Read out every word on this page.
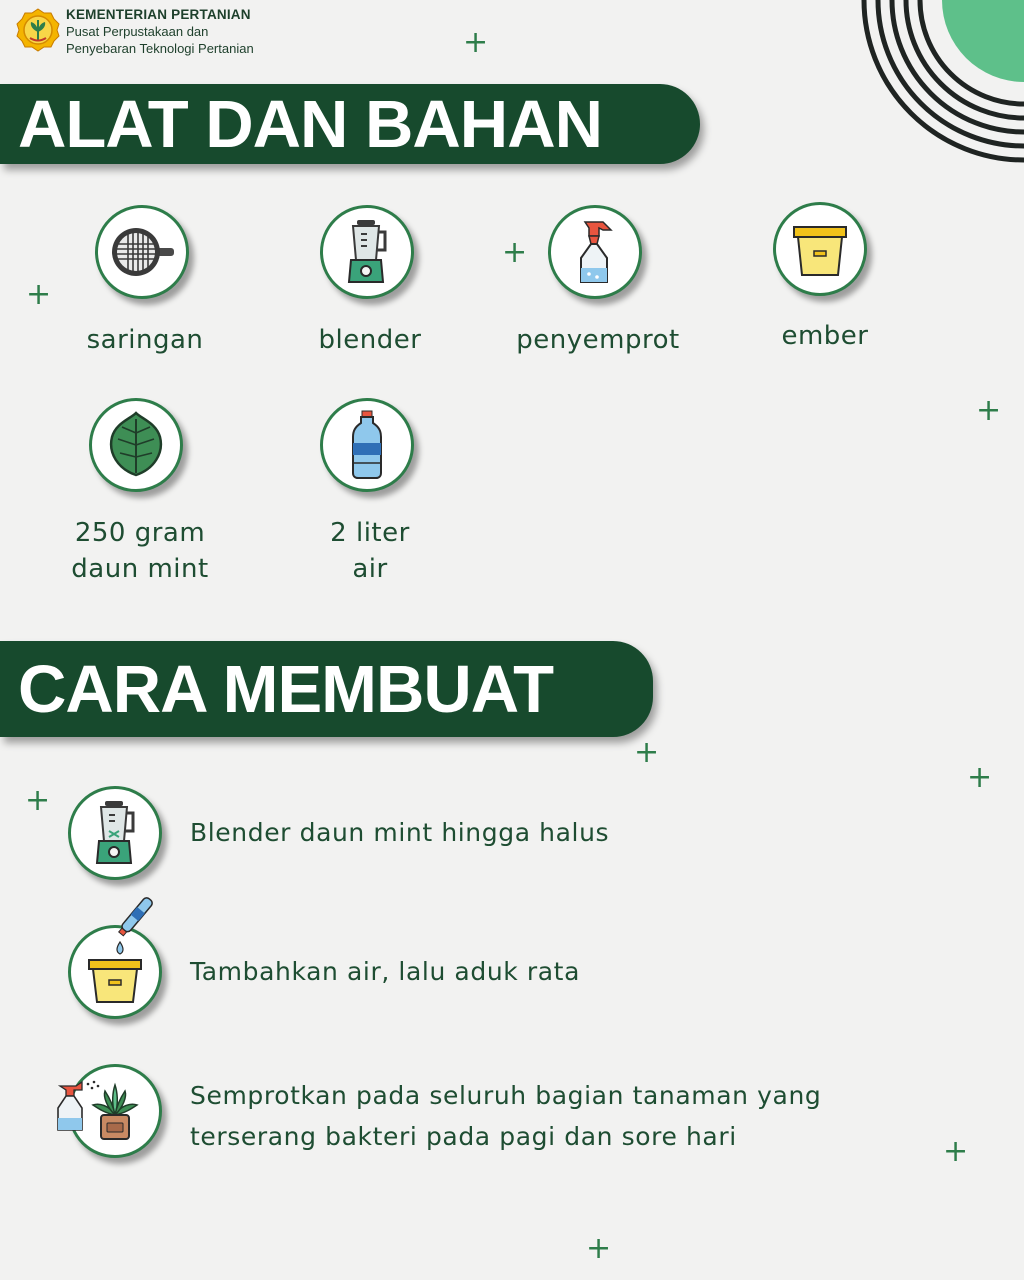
KEMENTERIAN PERTANIAN
Pusat Perpustakaan dan
Penyebaran Teknologi Pertanian
ALAT DAN BAHAN
saringan	blender	penyemprot	ember
250 gram
daun mint
2 liter
air
CARA MEMBUAT
Blender daun mint hingga halus
Tambahkan air, lalu aduk rata
Semprotkan pada seluruh bagian tanaman yang
terserang bakteri pada pagi dan sore hari
+
+
+
+
+
+
+
+
+
